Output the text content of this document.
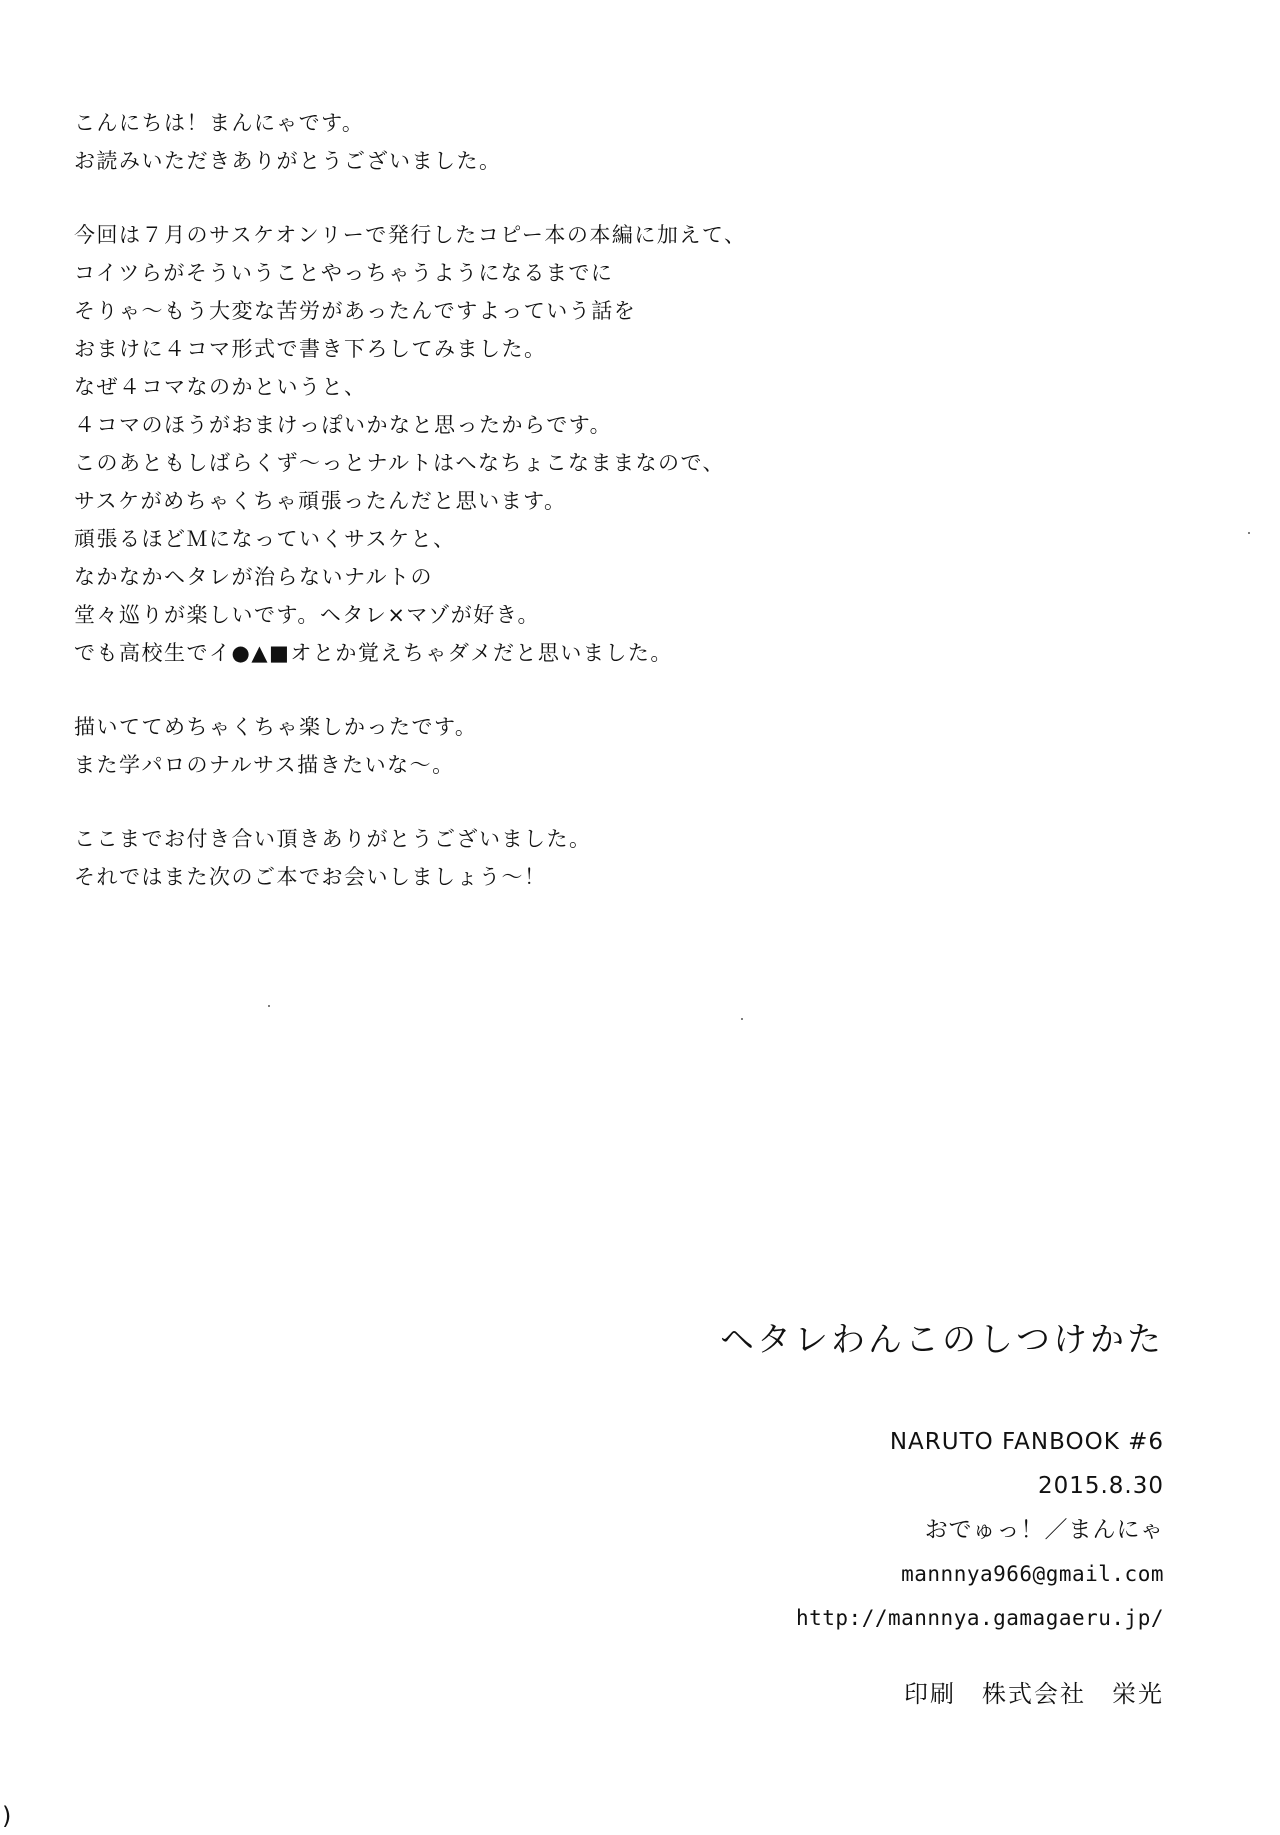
こんにちは！まんにゃです。
お読みいただきありがとうございました。
今回は７月のサスケオンリーで発行したコピー本の本編に加えて、
コイツらがそういうことやっちゃうようになるまでに
そりゃ～もう大変な苦労があったんですよっていう話を
おまけに４コマ形式で書き下ろしてみました。
なぜ４コマなのかというと、
４コマのほうがおまけっぽいかなと思ったからです。
このあともしばらくず～っとナルトはへなちょこなままなので、
サスケがめちゃくちゃ頑張ったんだと思います。
頑張るほどＭになっていくサスケと、
なかなかヘタレが治らないナルトの
堂々巡りが楽しいです。ヘタレ×マゾが好き。
でも高校生でイ●▲■オとか覚えちゃダメだと思いました。
描いててめちゃくちゃ楽しかったです。
また学パロのナルサス描きたいな～。
ここまでお付き合い頂きありがとうございました。
それではまた次のご本でお会いしましょう～！
ヘタレわんこのしつけかた
NARUTO FANBOOK #6
2015.8.30
おでゅっ！／まんにゃ
mannnya966@gmail.com
http://mannnya.gamagaeru.jp/
印刷　株式会社　栄光
)
